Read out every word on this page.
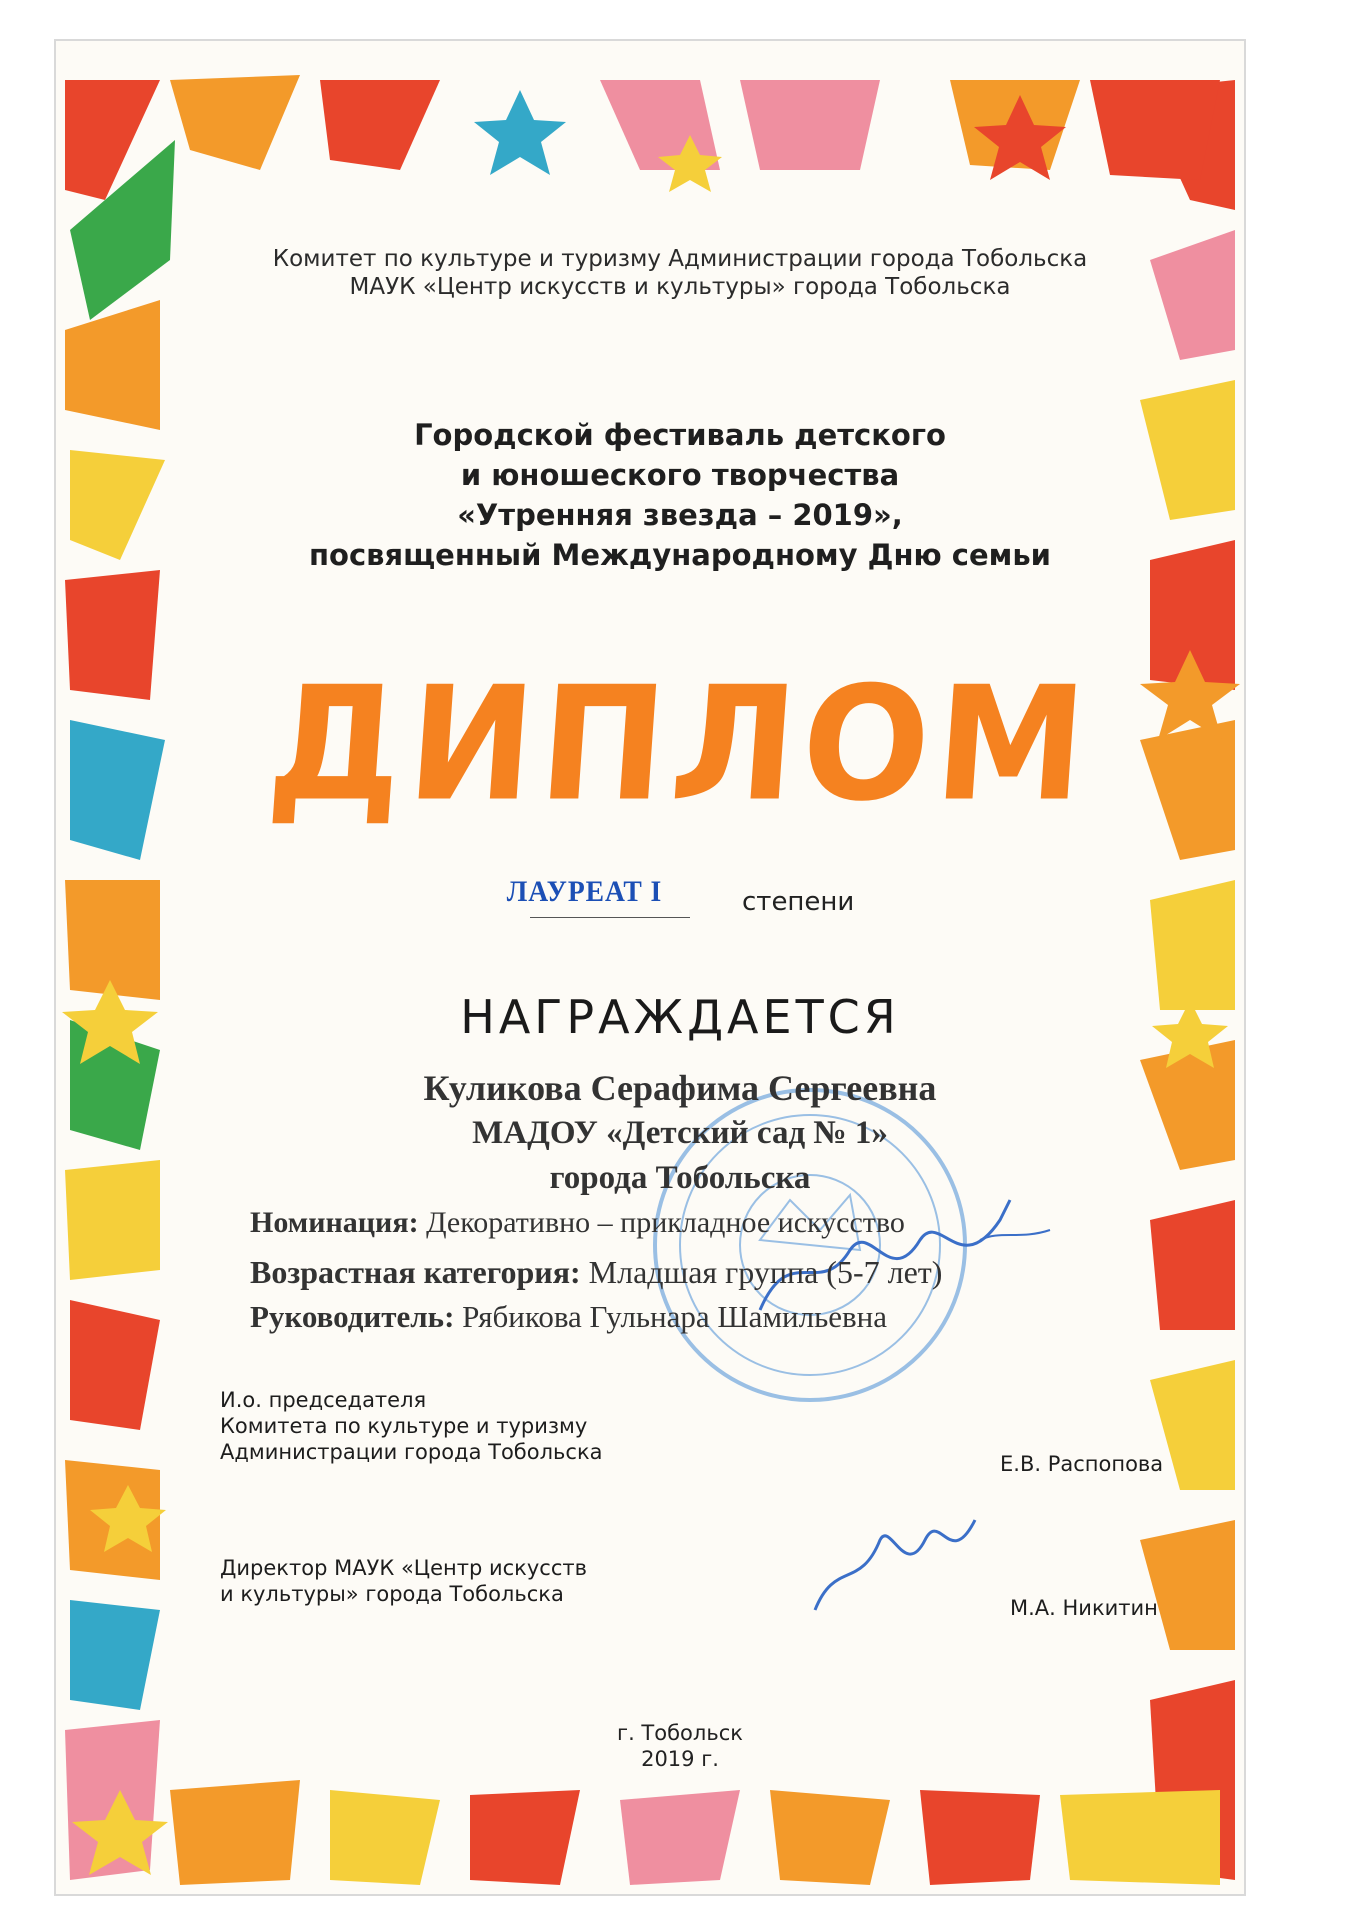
Комитет по культуре и туризму Администрации города Тобольска
МАУК «Центр искусств и культуры» города Тобольска
Городской фестиваль детского
и юношеского творчества
«Утренняя звезда – 2019»,
посвященный Международному Дню семьи
ДИПЛОМ
ЛАУРЕАТ I	степени
НАГРАЖДАЕТСЯ
Куликова Серафима Сергеевна
МАДОУ «Детский сад № 1»
города Тобольска
Номинация: Декоративно – прикладное искусство
Возрастная категория: Младшая группа (5-7 лет)
Руководитель: Рябикова Гульнара Шамильевна
И.о. председателя
Комитета по культуре и туризму
Администрации города Тобольска	Е.В. Распопова
Директор МАУК «Центр искусств
и культуры» города Тобольска
М.А. Никитин
г. Тобольск
2019 г.
